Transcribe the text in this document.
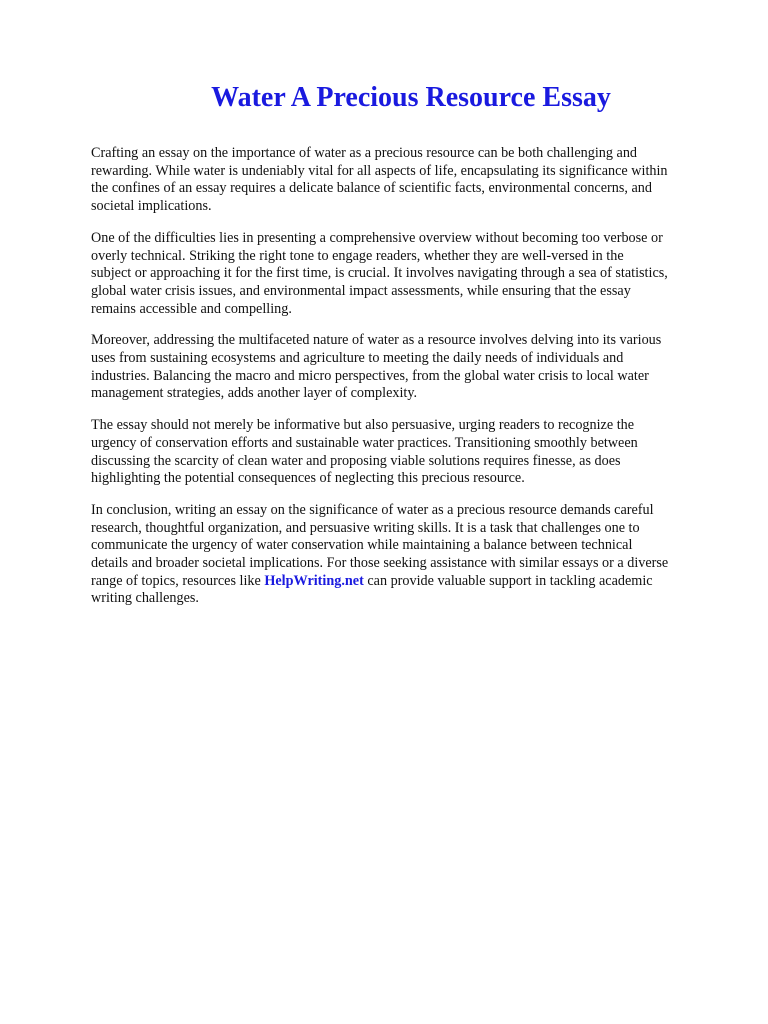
Water A Precious Resource Essay

Crafting an essay on the importance of water as a precious resource can be both challenging and
rewarding. While water is undeniably vital for all aspects of life, encapsulating its significance within
the confines of an essay requires a delicate balance of scientific facts, environmental concerns, and
societal implications.

One of the difficulties lies in presenting a comprehensive overview without becoming too verbose or
overly technical. Striking the right tone to engage readers, whether they are well-versed in the
subject or approaching it for the first time, is crucial. It involves navigating through a sea of statistics,
global water crisis issues, and environmental impact assessments, while ensuring that the essay
remains accessible and compelling.

Moreover, addressing the multifaceted nature of water as a resource involves delving into its various
uses from sustaining ecosystems and agriculture to meeting the daily needs of individuals and
industries. Balancing the macro and micro perspectives, from the global water crisis to local water
management strategies, adds another layer of complexity.

The essay should not merely be informative but also persuasive, urging readers to recognize the
urgency of conservation efforts and sustainable water practices. Transitioning smoothly between
discussing the scarcity of clean water and proposing viable solutions requires finesse, as does
highlighting the potential consequences of neglecting this precious resource.

In conclusion, writing an essay on the significance of water as a precious resource demands careful
research, thoughtful organization, and persuasive writing skills. It is a task that challenges one to
communicate the urgency of water conservation while maintaining a balance between technical
details and broader societal implications. For those seeking assistance with similar essays or a diverse
range of topics, resources like HelpWriting.net can provide valuable support in tackling academic
writing challenges.
